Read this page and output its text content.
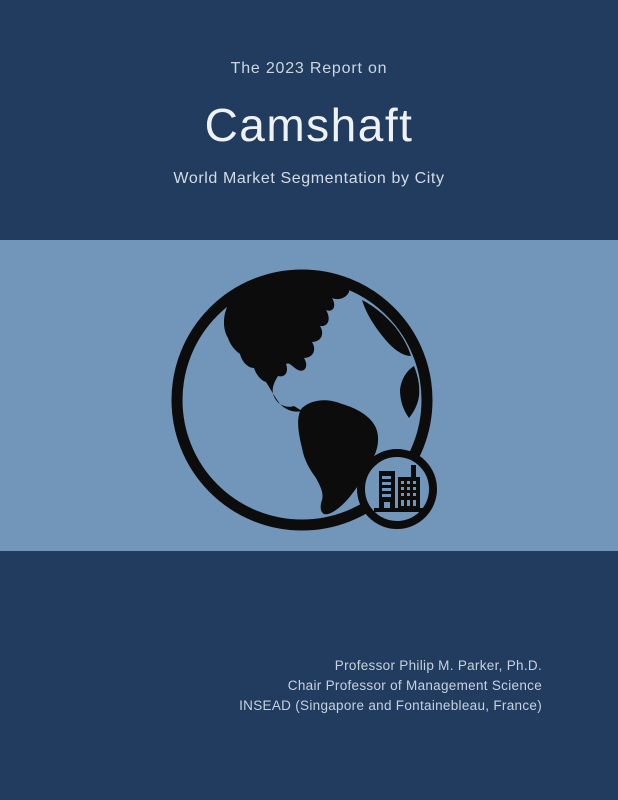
The 2023 Report on
Camshaft
World Market Segmentation by City
Professor Philip M. Parker, Ph.D.
Chair Professor of Management Science
INSEAD (Singapore and Fontainebleau, France)
